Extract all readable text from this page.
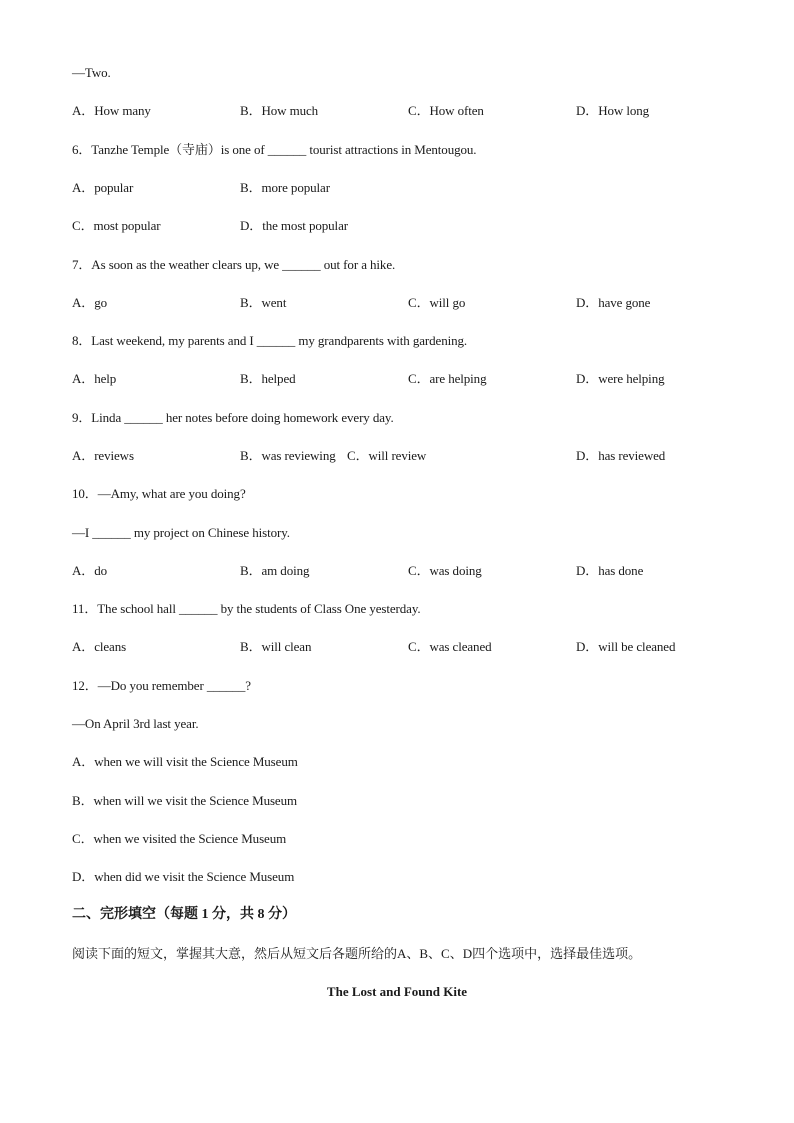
—Two.
A．How many	B．How much	C．How often	D．How long
6．Tanzhe Temple（寺庙）is one of ______ tourist attractions in Mentougou.
A．popular	B．more popular
C．most popular	D．the most popular
7．As soon as the weather clears up, we ______ out for a hike.
A．go	B．went	C．will go	D．have gone
8．Last weekend, my parents and I ______ my grandparents with gardening.
A．help	B．helped	C．are helping	D．were helping
9．Linda ______ her notes before doing homework every day.
A．reviews	B．was reviewing C．will review	D．has reviewed
10．—Amy, what are you doing?
—I ______ my project on Chinese history.
A．do	B．am doing	C．was doing	D．has done
11．The school hall ______ by the students of Class One yesterday.
A．cleans	B．will clean	C．was cleaned	D．will be cleaned
12．—Do you remember ______?
—On April 3rd last year.
A．when we will visit the Science Museum
B．when will we visit the Science Museum
C．when we visited the Science Museum
D．when did we visit the Science Museum
二、完形填空（每题 1 分，共 8 分）
阅读下面的短文，掌握其大意，然后从短文后各题所给的A、B、C、D四个选项中，选择最佳选项。
The Lost and Found Kite
